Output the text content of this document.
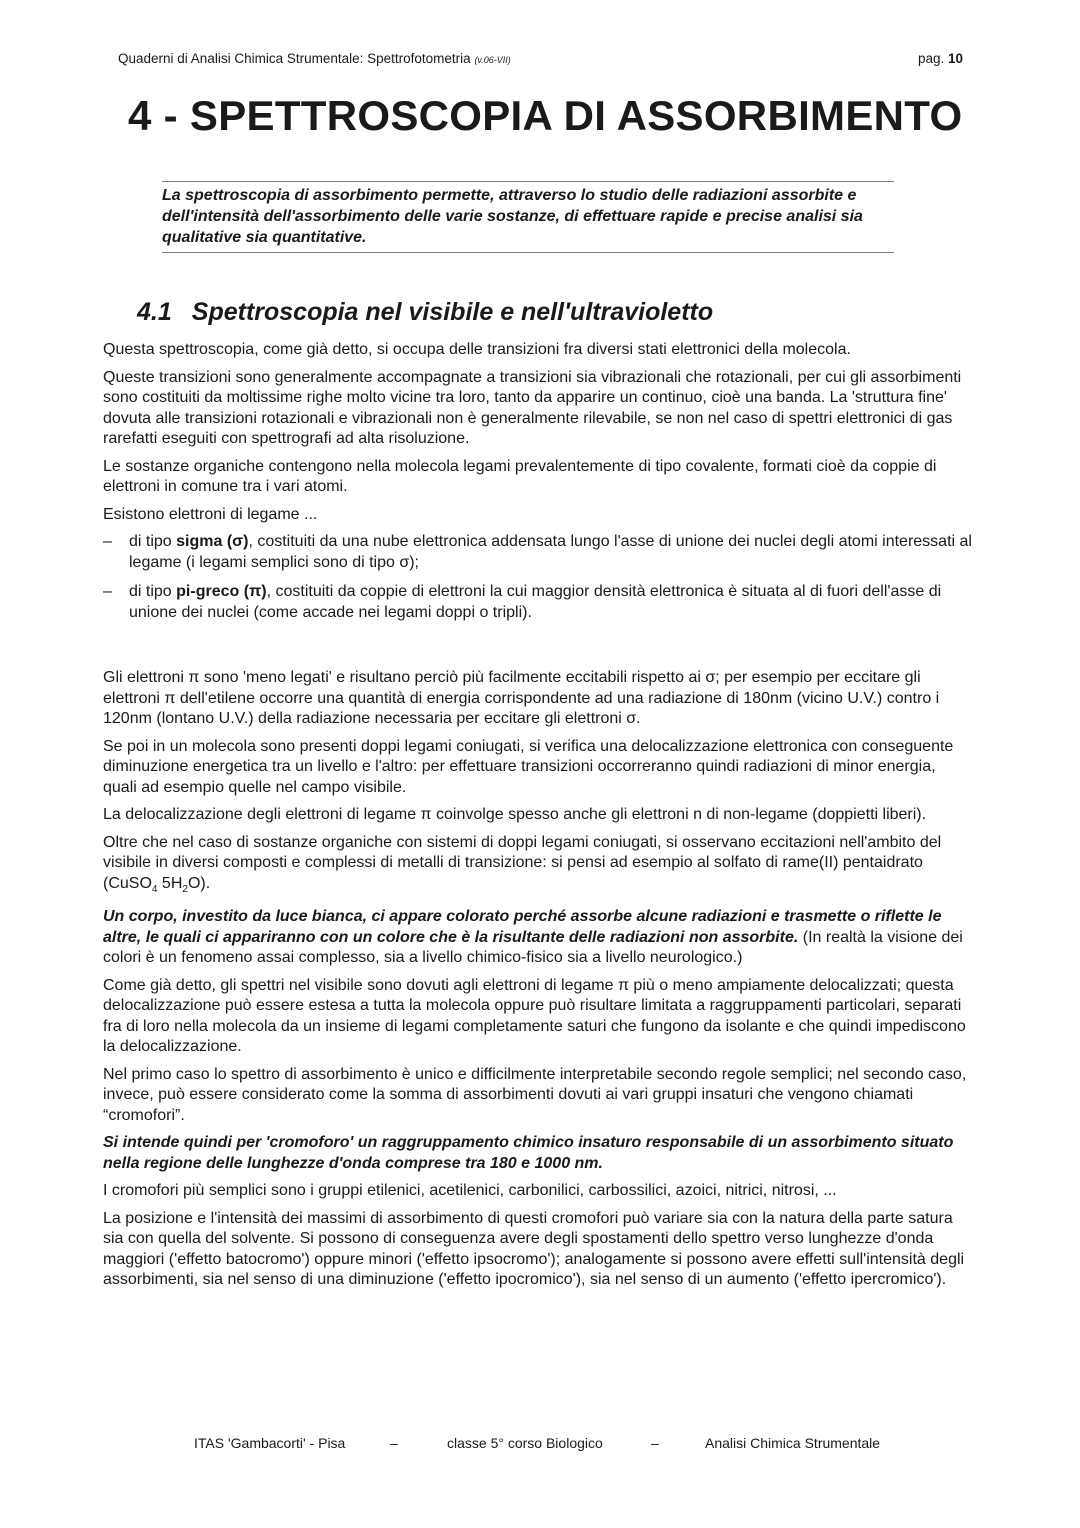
Quaderni di Analisi Chimica Strumentale: Spettrofotometria (v.06-VII)	pag. 10
4 - SPETTROSCOPIA DI ASSORBIMENTO
La spettroscopia di assorbimento permette, attraverso lo studio delle radiazioni assorbite e dell'intensità dell'assorbimento delle varie sostanze, di effettuare rapide e precise analisi sia qualitative sia quantitative.
4.1 Spettroscopia nel visibile e nell'ultravioletto

Questa spettroscopia, come già detto, si occupa delle transizioni fra diversi stati elettronici della molecola.

Queste transizioni sono generalmente accompagnate a transizioni sia vibrazionali che rotazionali, per cui gli assorbimenti sono costituiti da moltissime righe molto vicine tra loro, tanto da apparire un continuo, cioè una banda. La 'struttura fine' dovuta alle transizioni rotazionali e vibrazionali non è generalmente rilevabile, se non nel caso di spettri elettronici di gas rarefatti eseguiti con spettrografi ad alta risoluzione.

Le sostanze organiche contengono nella molecola legami prevalentemente di tipo covalente, formati cioè da coppie di elettroni in comune tra i vari atomi.

Esistono elettroni di legame ...

– di tipo sigma (σ), costituiti da una nube elettronica addensata lungo l'asse di unione dei nuclei degli atomi interessati al legame (i legami semplici sono di tipo σ);
– di tipo pi-greco (π), costituiti da coppie di elettroni la cui maggior densità elettronica è situata al di fuori dell'asse di unione dei nuclei (come accade nei legami doppi o tripli).

Gli elettroni π sono 'meno legati' e risultano perciò più facilmente eccitabili rispetto ai σ; per esempio per eccitare gli elettroni π dell'etilene occorre una quantità di energia corrispondente ad una radiazione di 180nm (vicino U.V.) contro i 120nm (lontano U.V.) della radiazione necessaria per eccitare gli elettroni σ.

Se poi in un molecola sono presenti doppi legami coniugati, si verifica una delocalizzazione elettronica con conseguente diminuzione energetica tra un livello e l'altro: per effettuare transizioni occorreranno quindi radiazioni di minor energia, quali ad esempio quelle nel campo visibile.

La delocalizzazione degli elettroni di legame π coinvolge spesso anche gli elettroni n di non-legame (doppietti liberi).

Oltre che nel caso di sostanze organiche con sistemi di doppi legami coniugati, si osservano eccitazioni nell'ambito del visibile in diversi composti e complessi di metalli di transizione: si pensi ad esempio al solfato di rame(II) pentaidrato (CuSO$_4$ $5H_2O$).

Un corpo, investito da luce bianca, ci appare colorato perché assorbe alcune radiazioni e trasmette o riflette le altre, le quali ci appariranno con un colore che è la risultante delle radiazioni non assorbite. (In realtà la visione dei colori è un fenomeno assai complesso, sia a livello chimico-fisico sia a livello neurologico.)

Come già detto, gli spettri nel visibile sono dovuti agli elettroni di legame π più o meno ampiamente delocalizzati; questa delocalizzazione può essere estesa a tutta la molecola oppure può risultare limitata a raggruppamenti particolari, separati fra di loro nella molecola da un insieme di legami completamente saturi che fungono da isolante e che quindi impediscono la delocalizzazione.

Nel primo caso lo spettro di assorbimento è unico e difficilmente interpretabile secondo regole semplici; nel secondo caso, invece, può essere considerato come la somma di assorbimenti dovuti ai vari gruppi insaturi che vengono chiamati “cromofori”.

Si intende quindi per 'cromoforo' un raggruppamento chimico insaturo responsabile di un assorbimento situato nella regione delle lunghezze d'onda comprese tra 180 e 1000 nm.

I cromofori più semplici sono i gruppi etilenici, acetilenici, carbonilici, carbossilici, azoici, nitrici, nitrosi, ...

La posizione e l'intensità dei massimi di assorbimento di questi cromofori può variare sia con la natura della parte satura sia con quella del solvente. Si possono di conseguenza avere degli spostamenti dello spettro verso lunghezze d'onda maggiori ('effetto batocromo') oppure minori ('effetto ipsocromo'); analogamente si possono avere effetti sull'intensità degli assorbimenti, sia nel senso di una diminuzione ('effetto ipocromico'), sia nel senso di un aumento ('effetto ipercromico').

ITAS 'Gambacorti' - Pisa	–	classe 5° corso Biologico	–	Analisi Chimica Strumentale
